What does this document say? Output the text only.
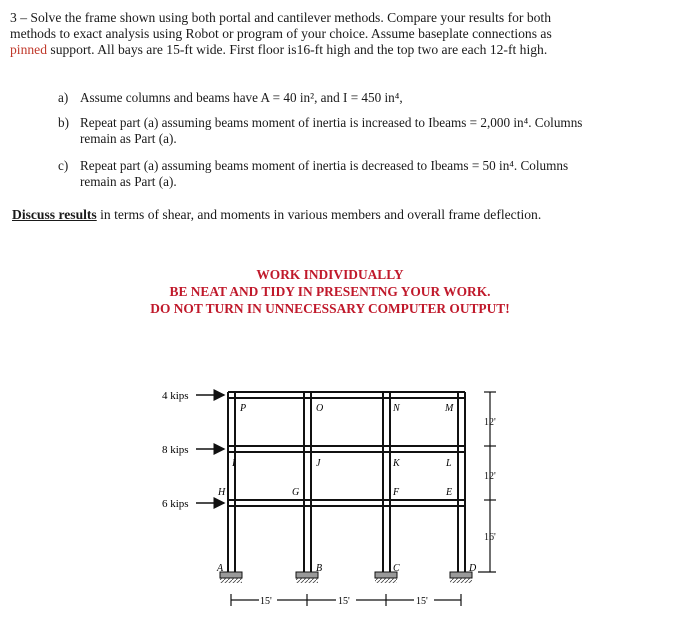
3 – Solve the frame shown using both portal and cantilever methods. Compare your results for both
methods to exact analysis using Robot or program of your choice. Assume baseplate connections as
pinned support. All bays are 15-ft wide. First floor is16-ft high and the top two are each 12-ft high.
a) Assume columns and beams have A = 40 in², and I = 450 in⁴,
b) Repeat part (a) assuming beams moment of inertia is increased to Ibeams = 2,000 in⁴. Columns
remain as Part (a).
c) Repeat part (a) assuming beams moment of inertia is decreased to Ibeams = 50 in⁴. Columns
remain as Part (a).
Discuss results in terms of shear, and moments in various members and overall frame deflection.
WORK INDIVIDUALLY
BE NEAT AND TIDY IN PRESENTNG YOUR WORK.
DO NOT TURN IN UNNECESSARY COMPUTER OUTPUT!
4 kips
8 kips
6 kips
P	O	N	M
I	J	K	L
H	G	F	E
A	B	C	D
12'
12'
16'
15'	15'	15'
